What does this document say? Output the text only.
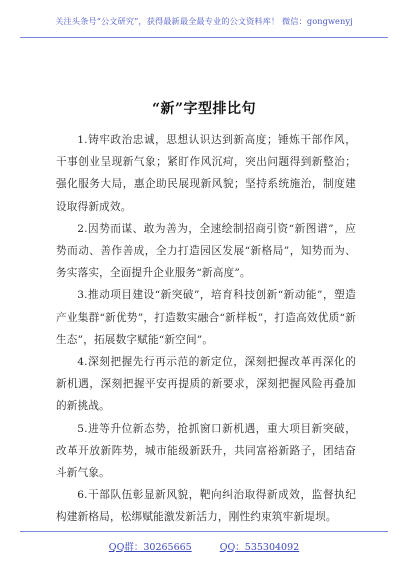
关注头条号“公文研究”，获得最新最全最专业的公文资料库！ 微信：gongwenyj
“新”字型排比句

1.铸牢政治忠诚，思想认识达到新高度；锤炼干部作风，干事创业呈现新气象；紧盯作风沉疴，突出问题得到新整治；强化服务大局，惠企助民展现新风貌；坚持系统施治，制度建设取得新成效。

2.因势而谋、敢为善为，全速绘制招商引资“新图谱”，应势而动、善作善成，全力打造园区发展“新格局”，知势而为、务实落实，全面提升企业服务“新高度”。

3.推动项目建设“新突破”，培育科技创新“新动能”，塑造产业集群“新优势”，打造数实融合“新样板”，打造高效优质“新生态”，拓展数字赋能“新空间”。

4.深刻把握先行再示范的新定位，深刻把握改革再深化的新机遇，深刻把握平安再提质的新要求，深刻把握风险再叠加的新挑战。

5.进等升位新态势，抢抓窗口新机遇，重大项目新突破，改革开放新阵势，城市能级新跃升，共同富裕新路子，团结奋斗新气象。

6.干部队伍彰显新风貌，靶向纠治取得新成效，监督执纪构建新格局，松绑赋能激发新活力，刚性约束筑牢新堤坝。

QQ群：30265665	QQ：535304092
